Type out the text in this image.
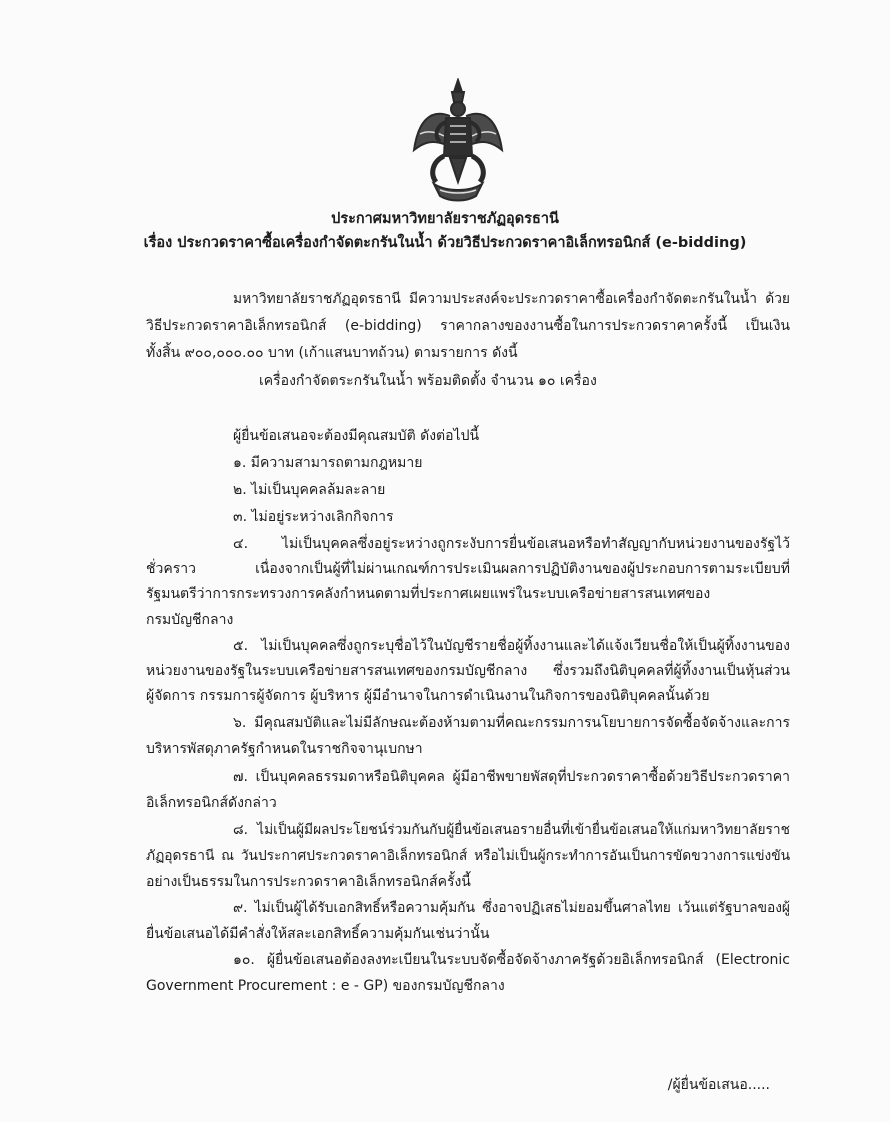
ประกาศมหาวิทยาลัยราชภัฏอุดรธานี
เรื่อง ประกวดราคาซื้อเครื่องกำจัดตะกรันในน้ำ ด้วยวิธีประกวดราคาอิเล็กทรอนิกส์ (e-bidding)
มหาวิทยาลัยราชภัฏอุดรธานี มีความประสงค์จะประกวดราคาซื้อเครื่องกำจัดตะกรันในน้ำ ด้วย
วิธีประกวดราคาอิเล็กทรอนิกส์ (e-bidding) ราคากลางของงานซื้อในการประกวดราคาครั้งนี้ เป็นเงิน
ทั้งสิ้น ๙๐๐,๐๐๐.๐๐ บาท (เก้าแสนบาทถ้วน) ตามรายการ ดังนี้
เครื่องกำจัดตระกรันในน้ำ พร้อมติดตั้ง จำนวน ๑๐ เครื่อง
ผู้ยื่นข้อเสนอจะต้องมีคุณสมบัติ ดังต่อไปนี้
๑. มีความสามารถตามกฎหมาย
๒. ไม่เป็นบุคคลล้มละลาย
๓. ไม่อยู่ระหว่างเลิกกิจการ
๔. ไม่เป็นบุคคลซึ่งอยู่ระหว่างถูกระงับการยื่นข้อเสนอหรือทำสัญญากับหน่วยงานของรัฐไว้
ชั่วคราว เนื่องจากเป็นผู้ที่ไม่ผ่านเกณฑ์การประเมินผลการปฏิบัติงานของผู้ประกอบการตามระเบียบที่
รัฐมนตรีว่าการกระทรวงการคลังกำหนดตามที่ประกาศเผยแพร่ในระบบเครือข่ายสารสนเทศของ
กรมบัญชีกลาง
๕. ไม่เป็นบุคคลซึ่งถูกระบุชื่อไว้ในบัญชีรายชื่อผู้ทิ้งงานและได้แจ้งเวียนชื่อให้เป็นผู้ทิ้งงานของ
หน่วยงานของรัฐในระบบเครือข่ายสารสนเทศของกรมบัญชีกลาง ซึ่งรวมถึงนิติบุคคลที่ผู้ทิ้งงานเป็นหุ้นส่วน
ผู้จัดการ กรรมการผู้จัดการ ผู้บริหาร ผู้มีอำนาจในการดำเนินงานในกิจการของนิติบุคคลนั้นด้วย
๖. มีคุณสมบัติและไม่มีลักษณะต้องห้ามตามที่คณะกรรมการนโยบายการจัดซื้อจัดจ้างและการ
บริหารพัสดุภาครัฐกำหนดในราชกิจจานุเบกษา
๗. เป็นบุคคลธรรมดาหรือนิติบุคคล ผู้มีอาชีพขายพัสดุที่ประกวดราคาซื้อด้วยวิธีประกวดราคา
อิเล็กทรอนิกส์ดังกล่าว
๘. ไม่เป็นผู้มีผลประโยชน์ร่วมกันกับผู้ยื่นข้อเสนอรายอื่นที่เข้ายื่นข้อเสนอให้แก่มหาวิทยาลัยราช
ภัฏอุดรธานี ณ วันประกาศประกวดราคาอิเล็กทรอนิกส์ หรือไม่เป็นผู้กระทำการอันเป็นการขัดขวางการแข่งขัน
อย่างเป็นธรรมในการประกวดราคาอิเล็กทรอนิกส์ครั้งนี้
๙. ไม่เป็นผู้ได้รับเอกสิทธิ์หรือความคุ้มกัน ซึ่งอาจปฏิเสธไม่ยอมขึ้นศาลไทย เว้นแต่รัฐบาลของผู้
ยื่นข้อเสนอได้มีคำสั่งให้สละเอกสิทธิ์ความคุ้มกันเช่นว่านั้น
๑๐. ผู้ยื่นข้อเสนอต้องลงทะเบียนในระบบจัดซื้อจัดจ้างภาครัฐด้วยอิเล็กทรอนิกส์ (Electronic
Government Procurement : e - GP) ของกรมบัญชีกลาง
/ผู้ยื่นข้อเสนอ.....
